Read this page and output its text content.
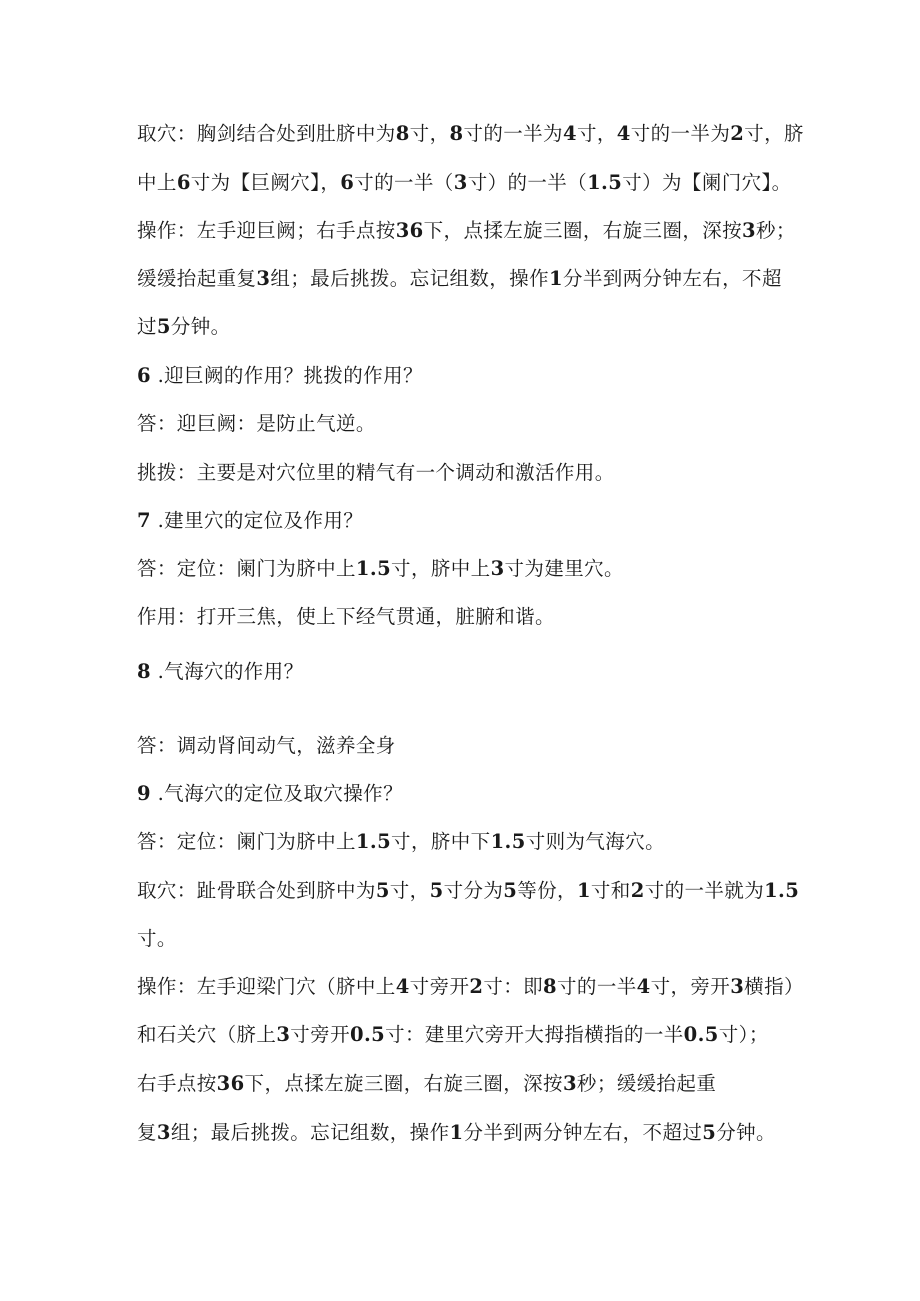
取穴：胸剑结合处到肚脐中为8寸，8寸的一半为4寸，4寸的一半为2寸，脐
中上6寸为【巨阙穴】，6寸的一半（3寸）的一半（1.5寸）为【阑门穴】。
操作：左手迎巨阙；右手点按36下，点揉左旋三圈，右旋三圈，深按3秒；
缓缓抬起重复3组；最后挑拨。忘记组数，操作1分半到两分钟左右，不超
过5分钟。
6 .迎巨阙的作用？挑拨的作用？
答：迎巨阙：是防止气逆。
挑拨：主要是对穴位里的精气有一个调动和激活作用。
7 .建里穴的定位及作用？
答：定位：阑门为脐中上1.5寸，脐中上3寸为建里穴。
作用：打开三焦，使上下经气贯通，脏腑和谐。
8 .气海穴的作用？
答：调动肾间动气，滋养全身
9 .气海穴的定位及取穴操作？
答：定位：阑门为脐中上1.5寸，脐中下1.5寸则为气海穴。
取穴：趾骨联合处到脐中为5寸，5寸分为5等份，1寸和2寸的一半就为1.5
寸。
操作：左手迎梁门穴（脐中上4寸旁开2寸：即8寸的一半4寸，旁开3横指）
和石关穴（脐上3寸旁开0.5寸：建里穴旁开大拇指横指的一半0.5寸）；
右手点按36下，点揉左旋三圈，右旋三圈，深按3秒；缓缓抬起重
复3组；最后挑拨。忘记组数，操作1分半到两分钟左右，不超过5分钟。
